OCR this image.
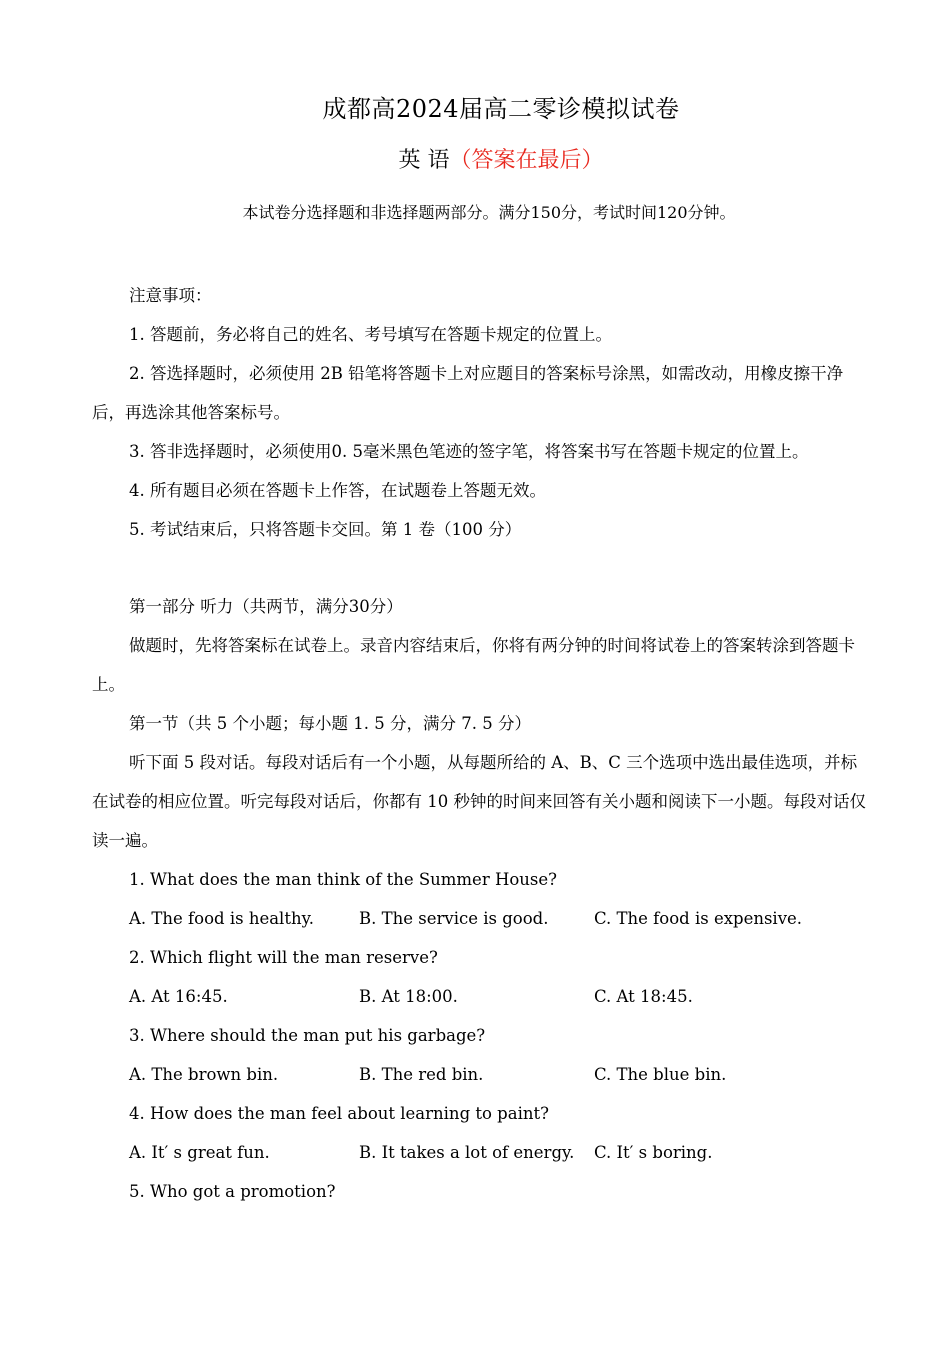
成都高2024届高二零诊模拟试卷
英 语（答案在最后）
本试卷分选择题和非选择题两部分。满分150分，考试时间120分钟。

注意事项：

1. 答题前，务必将自己的姓名、考号填写在答题卡规定的位置上。

2. 答选择题时，必须使用 2B 铅笔将答题卡上对应题目的答案标号涂黑，如需改动，用橡皮擦干净后，再选涂其他答案标号。

3. 答非选择题时，必须使用0. 5毫米黑色笔迹的签字笔，将答案书写在答题卡规定的位置上。

4. 所有题目必须在答题卡上作答，在试题卷上答题无效。

5. 考试结束后，只将答题卡交回。第 1 卷（100 分）

第一部分 听力（共两节，满分30分）

做题时，先将答案标在试卷上。录音内容结束后，你将有两分钟的时间将试卷上的答案转涂到答题卡上。

第一节（共 5 个小题；每小题 1. 5 分，满分 7. 5 分）

听下面 5 段对话。每段对话后有一个小题，从每题所给的 A、B、C 三个选项中选出最佳选项，并标在试卷的相应位置。听完每段对话后，你都有 10 秒钟的时间来回答有关小题和阅读下一小题。每段对话仅读一遍。

1. What does the man think of the Summer House?

A. The food is healthy.	B. The service is good.	C. The food is expensive.

2. Which flight will the man reserve?

A. At 16:45.	B. At 18:00.	C. At 18:45.

3. Where should the man put his garbage?

A. The brown bin.	B. The red bin.	C. The blue bin.

4. How does the man feel about learning to paint?

A. It′ s great fun.	B. It takes a lot of energy. C. It′ s boring.

5. Who got a promotion?
